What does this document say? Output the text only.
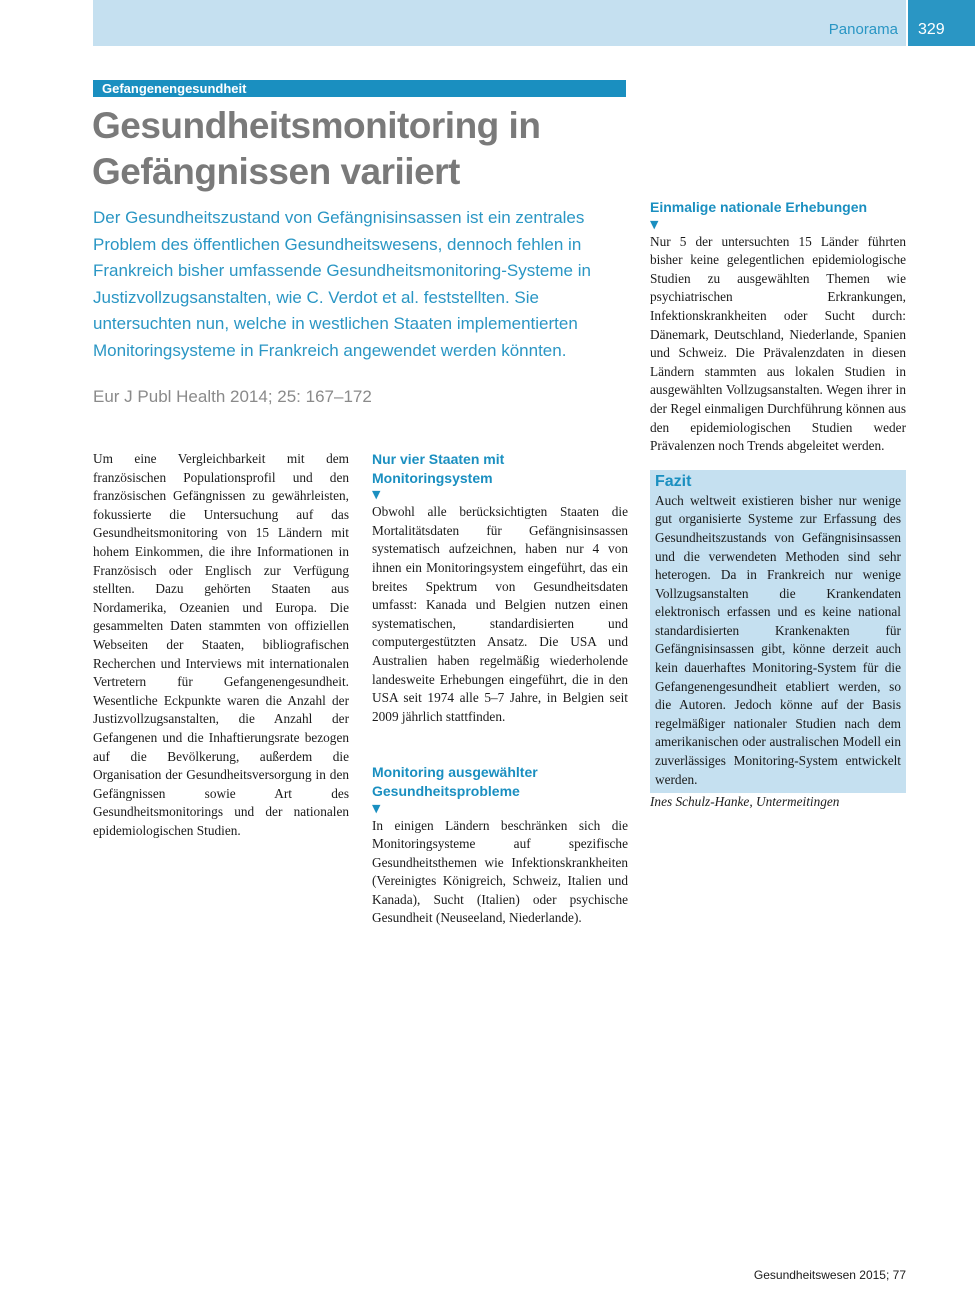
Panorama	329
Gefangenengesundheit
Gesundheitsmonitoring in
Gefängnissen variiert
Der Gesundheitszustand von Gefängnisinsassen ist ein zentrales Problem des öffentlichen Gesundheitswesens, dennoch fehlen in Frankreich bisher umfassende Gesundheitsmonitoring-Systeme in Justizvollzugsanstalten, wie C. Verdot et al. feststellten. Sie untersuchten nun, welche in westlichen Staaten implementierten Monitoringsysteme in Frankreich angewendet werden könnten.
Eur J Publ Health 2014; 25: 167–172

Um eine Vergleichbarkeit mit dem französischen Populationsprofil und den französischen Gefängnissen zu gewährleisten, fokussierte die Untersuchung auf das Gesundheitsmonitoring von 15 Ländern mit hohem Einkommen, die ihre Informationen in Französisch oder Englisch zur Verfügung stellten. Dazu gehörten Staaten aus Nordamerika, Ozeanien und Europa. Die gesammelten Daten stammten von offiziellen Webseiten der Staaten, bibliografischen Recherchen und Interviews mit internationalen Vertretern für Gefangenengesundheit. Wesentliche Eckpunkte waren die Anzahl der Justizvollzugsanstalten, die Anzahl der Gefangenen und die Inhaftierungsrate bezogen auf die Bevölkerung, außerdem die Organisation der Gesundheitsversorgung in den Gefängnissen sowie Art des Gesundheitsmonitorings und der nationalen epidemiologischen Studien.

Nur vier Staaten mit Monitoringsystem

▼

Obwohl alle berücksichtigten Staaten die Mortalitätsdaten für Gefängnisinsassen systematisch aufzeichnen, haben nur 4 von ihnen ein Monitoringsystem eingeführt, das ein breites Spektrum von Gesundheitsdaten umfasst: Kanada und Belgien nutzen einen systematischen, standardisierten und computergestützten Ansatz. Die USA und Australien haben regelmäßig wiederholende landesweite Erhebungen eingeführt, die in den USA seit 1974 alle 5–7 Jahre, in Belgien seit 2009 jährlich stattfinden.

Monitoring ausgewählter Gesundheitsprobleme

▼

In einigen Ländern beschränken sich die Monitoringsysteme auf spezifische Gesundheitsthemen wie Infektionskrankheiten (Vereinigtes Königreich, Schweiz, Italien und Kanada), Sucht (Italien) oder psychische Gesundheit (Neuseeland, Niederlande).

Einmalige nationale Erhebungen

▼

Nur 5 der untersuchten 15 Länder führten bisher keine gelegentlichen epidemiologische Studien zu ausgewählten Themen wie psychiatrischen Erkrankungen, Infektionskrankheiten oder Sucht durch: Dänemark, Deutschland, Niederlande, Spanien und Schweiz. Die Prävalenzdaten in diesen Ländern stammten aus lokalen Studien in ausgewählten Vollzugsanstalten. Wegen ihrer in der Regel einmaligen Durchführung können aus den epidemiologischen Studien weder Prävalenzen noch Trends abgeleitet werden.

Fazit

Auch weltweit existieren bisher nur wenige gut organisierte Systeme zur Erfassung des Gesundheitszustands von Gefängnisinsassen und die verwendeten Methoden sind sehr heterogen. Da in Frankreich nur wenige Vollzugsanstalten die Krankendaten elektronisch erfassen und es keine national standardisierten Krankenakten für Gefängnisinsassen gibt, könne derzeit auch kein dauerhaftes Monitoring-System für die Gefangenengesundheit etabliert werden, so die Autoren. Jedoch könne auf der Basis regelmäßiger nationaler Studien nach dem amerikanischen oder australischen Modell ein zuverlässiges Monitoring-System entwickelt werden.

Ines Schulz-Hanke, Untermeitingen

Gesundheitswesen 2015; 77
